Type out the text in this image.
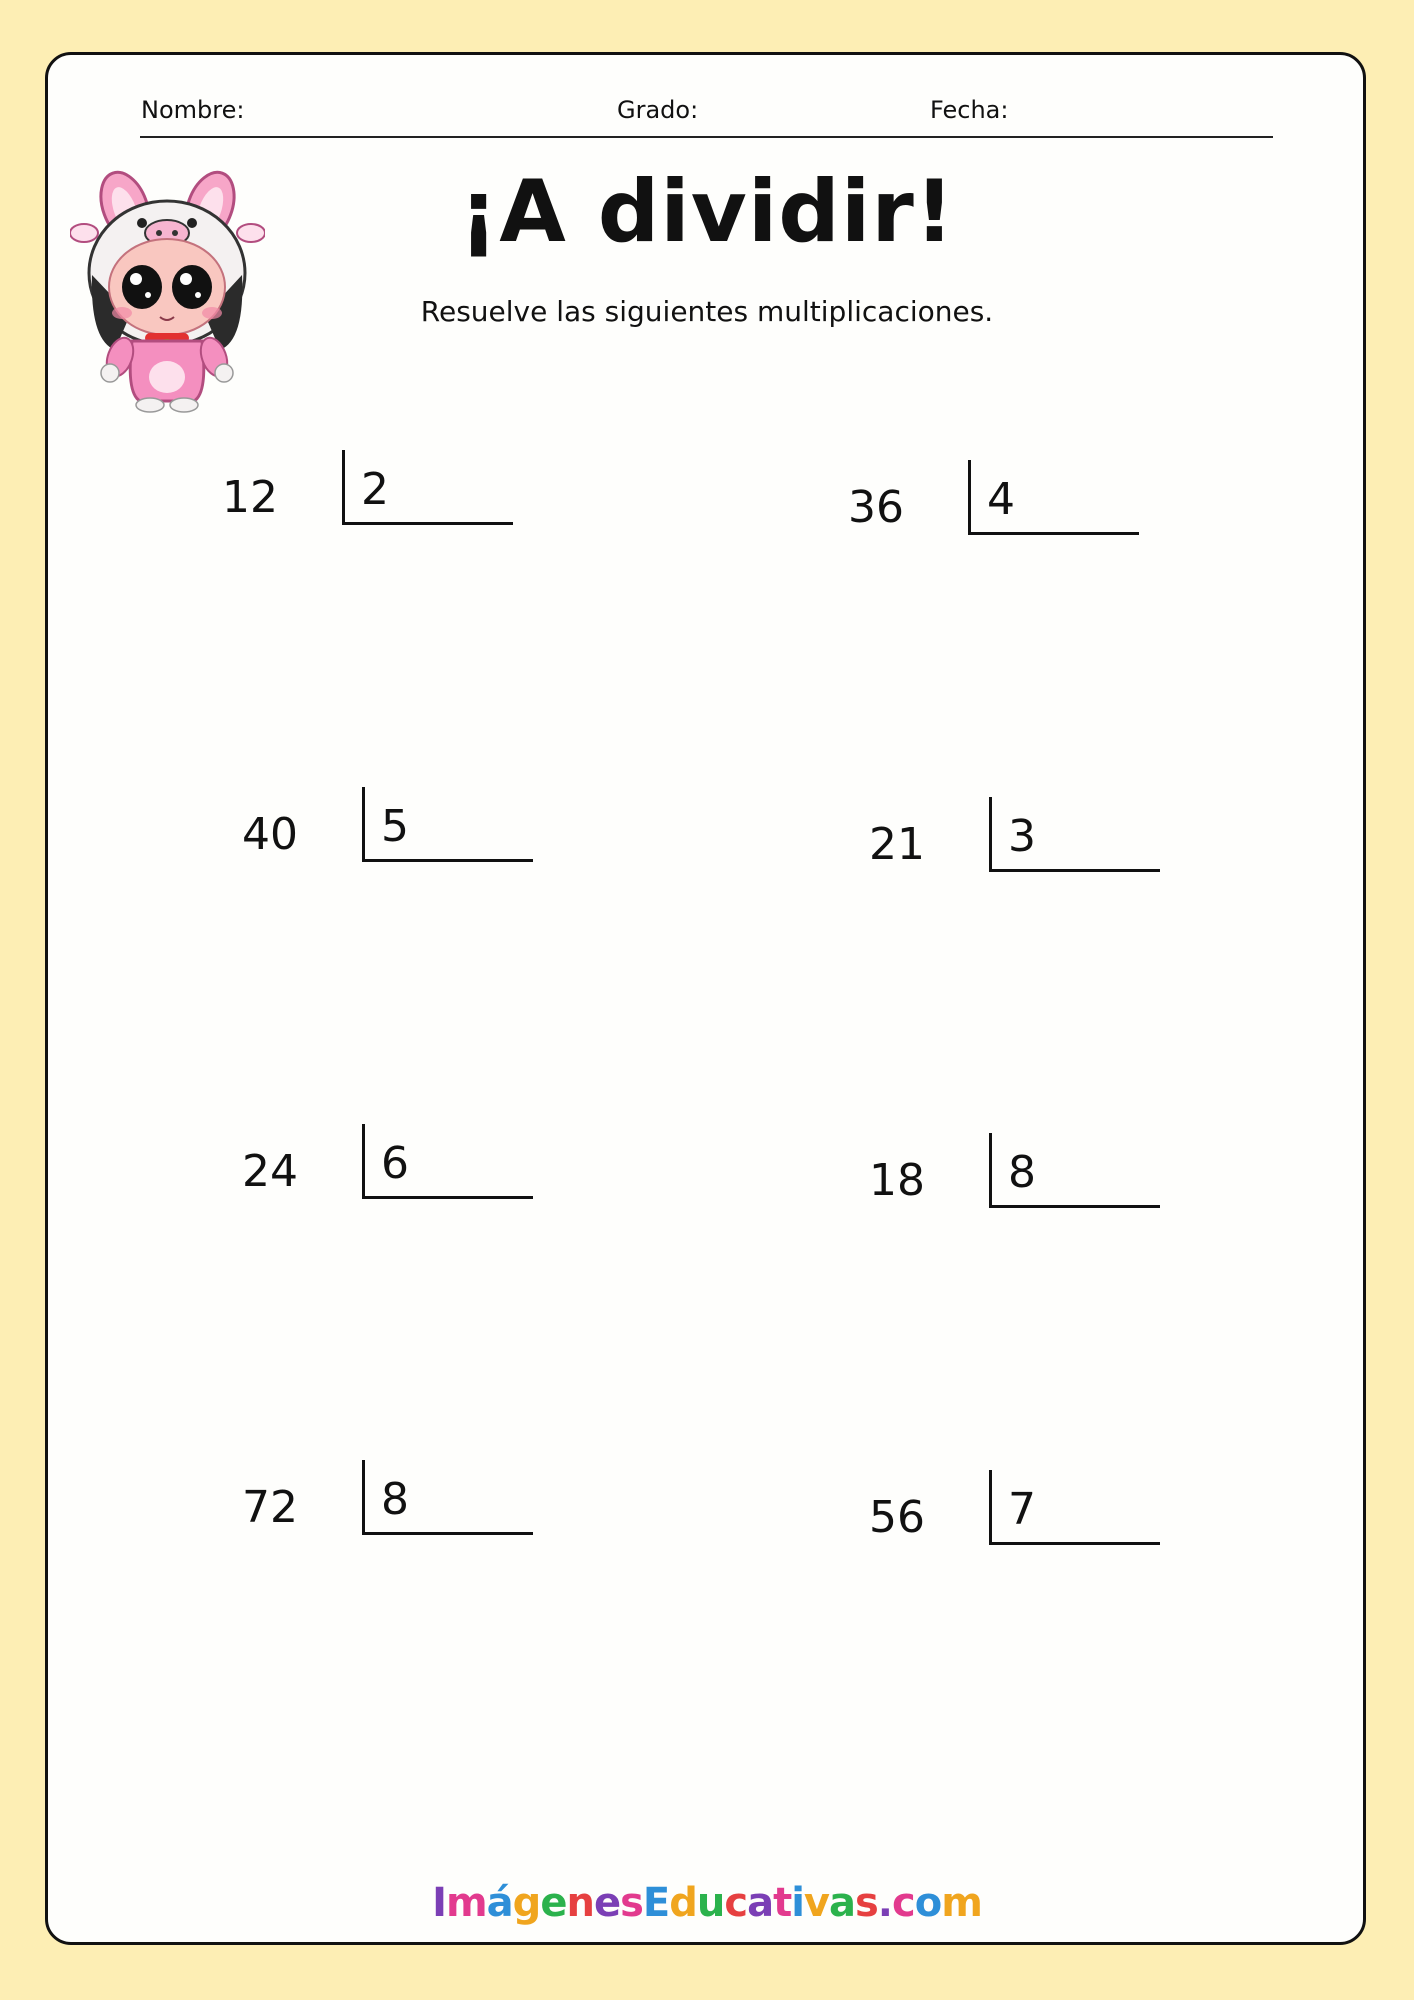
Nombre:	Grado:	Fecha:
¡A dividir!
Resuelve las siguientes multiplicaciones.
12 2	36 4
40 5	21 3
24 6	18 8
72 8	56 7
ImágenesEducativas.com
